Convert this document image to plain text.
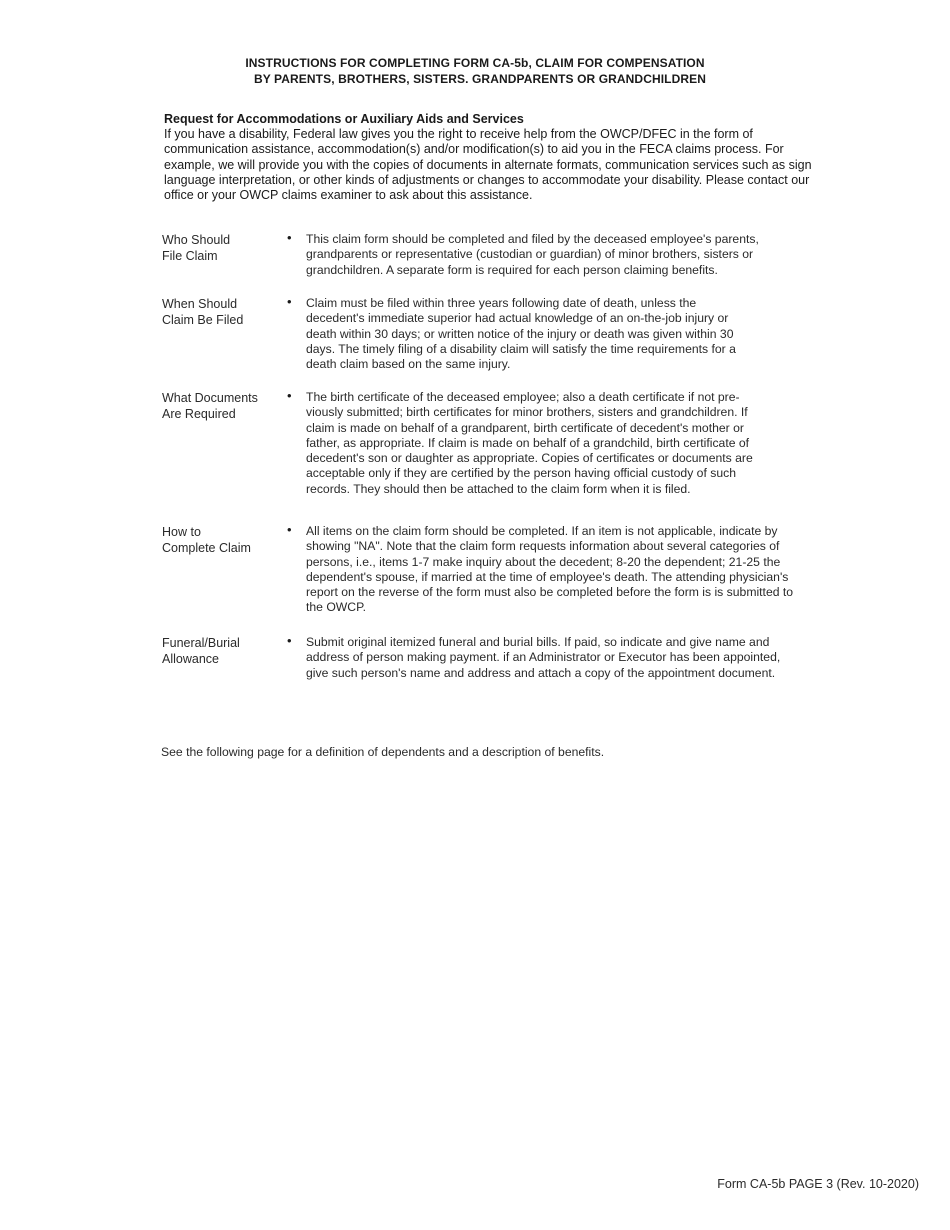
INSTRUCTIONS FOR COMPLETING FORM CA-5b, CLAIM FOR COMPENSATION
BY PARENTS, BROTHERS, SISTERS. GRANDPARENTS OR GRANDCHILDREN
Request for Accommodations or Auxiliary Aids and Services
If you have a disability, Federal law gives you the right to receive help from the OWCP/DFEC in the form of communication assistance, accommodation(s) and/or modification(s) to aid you in the FECA claims process. For example, we will provide you with the copies of documents in alternate formats, communication services such as sign language interpretation, or other kinds of adjustments or changes to accommodate your disability. Please contact our office or your OWCP claims examiner to ask about this assistance.
Who Should
File Claim
• This claim form should be completed and filed by the deceased employee's parents, grandparents or representative (custodian or guardian) of minor brothers, sisters or grandchildren. A separate form is required for each person claiming benefits.
When Should
Claim Be Filed
• Claim must be filed within three years following date of death, unless the decedent's immediate superior had actual knowledge of an on-the-job injury or death within 30 days; or written notice of the injury or death was given within 30 days. The timely filing of a disability claim will satisfy the time requirements for a death claim based on the same injury.
What Documents
Are Required
• The birth certificate of the deceased employee; also a death certificate if not pre-viously submitted; birth certificates for minor brothers, sisters and grandchildren. If claim is made on behalf of a grandparent, birth certificate of decedent's mother or father, as appropriate. If claim is made on behalf of a grandchild, birth certificate of decedent's son or daughter as appropriate. Copies of certificates or documents are acceptable only if they are certified by the person having official custody of such records. They should then be attached to the claim form when it is filed.
How to
Complete Claim
• All items on the claim form should be completed. If an item is not applicable, indicate by showing "NA". Note that the claim form requests information about several categories of persons, i.e., items 1-7 make inquiry about the decedent; 8-20 the dependent; 21-25 the dependent's spouse, if married at the time of employee's death. The attending physician's report on the reverse of the form must also be completed before the form is is submitted to the OWCP.
Funeral/Burial
Allowance
• Submit original itemized funeral and burial bills. If paid, so indicate and give name and address of person making payment. if an Administrator or Executor has been appointed, give such person's name and address and attach a copy of the appointment document.
See the following page for a definition of dependents and a description of benefits.
Form CA-5b PAGE 3 (Rev. 10-2020)
